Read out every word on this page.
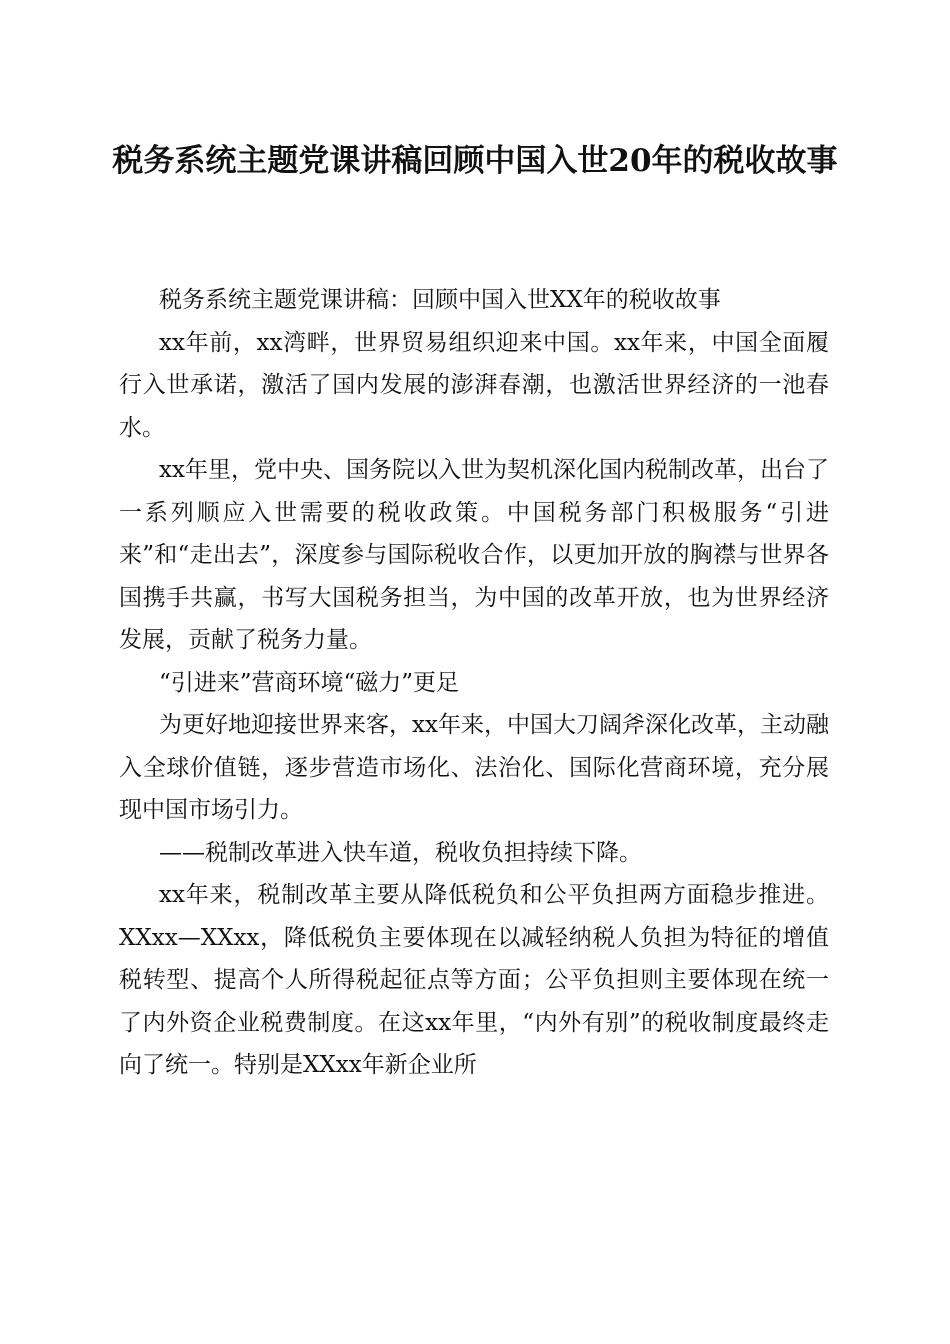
税务系统主题党课讲稿回顾中国入世20年的税收故事

税务系统主题党课讲稿：回顾中国入世XX年的税收故事

xx年前，xx湾畔，世界贸易组织迎来中国。xx年来，中国全面履行入世承诺，激活了国内发展的澎湃春潮，也激活世界经济的一池春水。

xx年里，党中央、国务院以入世为契机深化国内税制改革，出台了一系列顺应入世需要的税收政策。中国税务部门积极服务“引进来”和“走出去”，深度参与国际税收合作，以更加开放的胸襟与世界各国携手共赢，书写大国税务担当，为中国的改革开放，也为世界经济发展，贡献了税务力量。

“引进来”营商环境“磁力”更足

为更好地迎接世界来客，xx年来，中国大刀阔斧深化改革，主动融入全球价值链，逐步营造市场化、法治化、国际化营商环境，充分展现中国市场引力。

——税制改革进入快车道，税收负担持续下降。

xx年来，税制改革主要从降低税负和公平负担两方面稳步推进。XXxx—XXxx，降低税负主要体现在以减轻纳税人负担为特征的增值税转型、提高个人所得税起征点等方面；公平负担则主要体现在统一了内外资企业税费制度。在这xx年里，“内外有别”的税收制度最终走向了统一。特别是XXxx年新企业所
